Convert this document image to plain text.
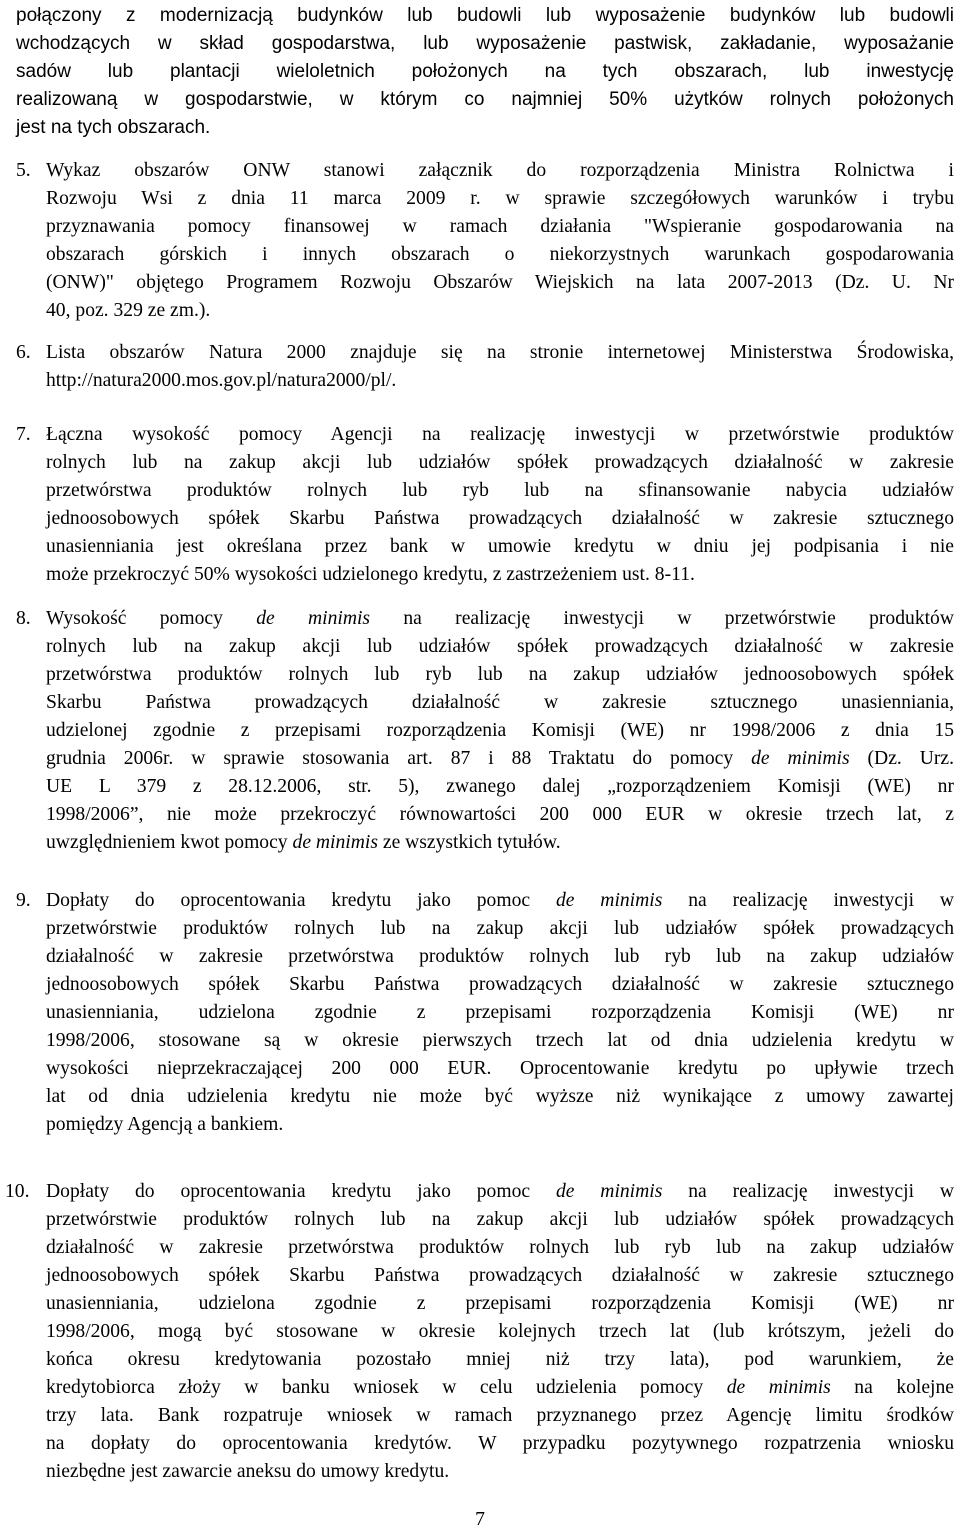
połączony z modernizacją budynków lub budowli lub wyposażenie budynków lub budowli
wchodzących w skład gospodarstwa, lub wyposażenie pastwisk, zakładanie, wyposażanie
sadów lub plantacji wieloletnich położonych na tych obszarach, lub inwestycję
realizowaną w gospodarstwie, w którym co najmniej 50% użytków rolnych położonych
jest na tych obszarach.
5. Wykaz obszarów ONW stanowi załącznik do rozporządzenia Ministra Rolnictwa i
Rozwoju Wsi z dnia 11 marca 2009 r. w sprawie szczegółowych warunków i trybu
przyznawania pomocy finansowej w ramach działania "Wspieranie gospodarowania na
obszarach górskich i innych obszarach o niekorzystnych warunkach gospodarowania
(ONW)" objętego Programem Rozwoju Obszarów Wiejskich na lata 2007-2013 (Dz. U. Nr
40, poz. 329 ze zm.).
6. Lista obszarów Natura 2000 znajduje się na stronie internetowej Ministerstwa Środowiska,
http://natura2000.mos.gov.pl/natura2000/pl/.
7. Łączna wysokość pomocy Agencji na realizację inwestycji w przetwórstwie produktów
rolnych lub na zakup akcji lub udziałów spółek prowadzących działalność w zakresie
przetwórstwa produktów rolnych lub ryb lub na sfinansowanie nabycia udziałów
jednoosobowych spółek Skarbu Państwa prowadzących działalność w zakresie sztucznego
unasienniania jest określana przez bank w umowie kredytu w dniu jej podpisania i nie
może przekroczyć 50% wysokości udzielonego kredytu, z zastrzeżeniem ust. 8-11.
8. Wysokość pomocy de minimis na realizację inwestycji w przetwórstwie produktów
rolnych lub na zakup akcji lub udziałów spółek prowadzących działalność w zakresie
przetwórstwa produktów rolnych lub ryb lub na zakup udziałów jednoosobowych spółek
Skarbu Państwa prowadzących działalność w zakresie sztucznego unasienniania,
udzielonej zgodnie z przepisami rozporządzenia Komisji (WE) nr 1998/2006 z dnia 15
grudnia 2006r. w sprawie stosowania art. 87 i 88 Traktatu do pomocy de minimis (Dz. Urz.
UE L 379 z 28.12.2006, str. 5), zwanego dalej „rozporządzeniem Komisji (WE) nr
1998/2006”, nie może przekroczyć równowartości 200 000 EUR w okresie trzech lat, z
uwzględnieniem kwot pomocy de minimis ze wszystkich tytułów.
9. Dopłaty do oprocentowania kredytu jako pomoc de minimis na realizację inwestycji w
przetwórstwie produktów rolnych lub na zakup akcji lub udziałów spółek prowadzących
działalność w zakresie przetwórstwa produktów rolnych lub ryb lub na zakup udziałów
jednoosobowych spółek Skarbu Państwa prowadzących działalność w zakresie sztucznego
unasienniania, udzielona zgodnie z przepisami rozporządzenia Komisji (WE) nr
1998/2006, stosowane są w okresie pierwszych trzech lat od dnia udzielenia kredytu w
wysokości nieprzekraczającej 200 000 EUR. Oprocentowanie kredytu po upływie trzech
lat od dnia udzielenia kredytu nie może być wyższe niż wynikające z umowy zawartej
pomiędzy Agencją a bankiem.
10. Dopłaty do oprocentowania kredytu jako pomoc de minimis na realizację inwestycji w
przetwórstwie produktów rolnych lub na zakup akcji lub udziałów spółek prowadzących
działalność w zakresie przetwórstwa produktów rolnych lub ryb lub na zakup udziałów
jednoosobowych spółek Skarbu Państwa prowadzących działalność w zakresie sztucznego
unasienniania, udzielona zgodnie z przepisami rozporządzenia Komisji (WE) nr
1998/2006, mogą być stosowane w okresie kolejnych trzech lat (lub krótszym, jeżeli do
końca okresu kredytowania pozostało mniej niż trzy lata), pod warunkiem, że
kredytobiorca złoży w banku wniosek w celu udzielenia pomocy de minimis na kolejne
trzy lata. Bank rozpatruje wniosek w ramach przyznanego przez Agencję limitu środków
na dopłaty do oprocentowania kredytów. W przypadku pozytywnego rozpatrzenia wniosku
niezbędne jest zawarcie aneksu do umowy kredytu.
7
